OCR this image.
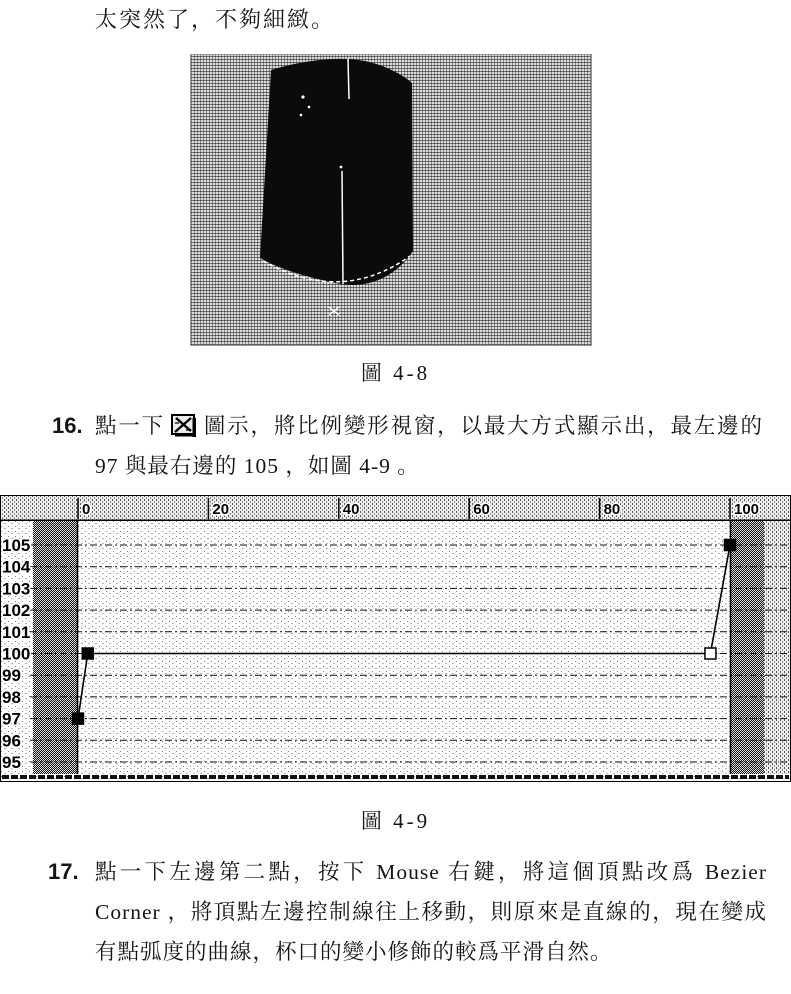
太突然了，不夠細緻。

圖 4-8
16. 點一下 圖示，將比例變形視窗，以最大方式顯示出，最左邊的 97 與最右邊的 105 ，如圖 4-9 。
0	20	40	60	80	100
105
104
103
102
101
100
99
98
97
96
95
圖 4-9
17. 點一下左邊第二點，按下 Mouse 右鍵，將這個頂點改爲 Bezier Corner ，將頂點左邊控制線往上移動，則原來是直線的，現在變成有點弧度的曲線，杯口的變小修飾的較爲平滑自然。
